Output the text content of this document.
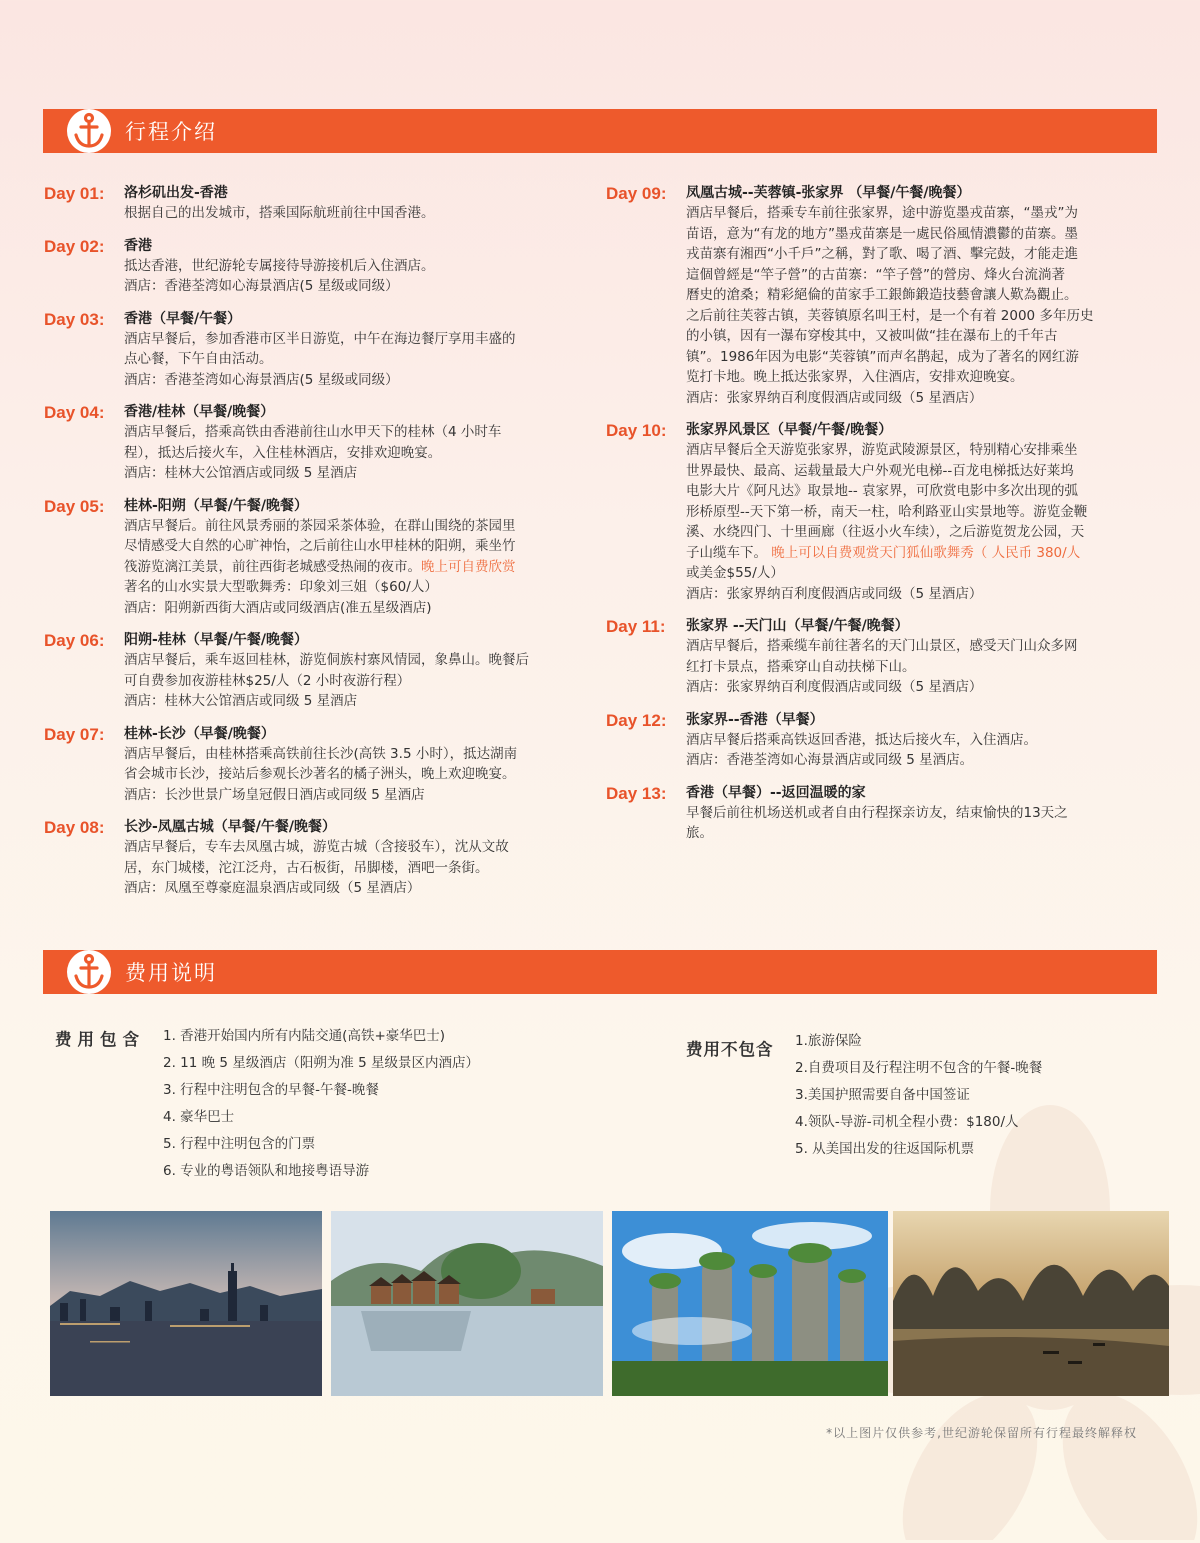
行程介绍
Day 01: 洛杉矶出发-香港
根据自己的出发城市，搭乘国际航班前往中国香港。
Day 02: 香港
抵达香港，世纪游轮专属接待导游接机后入住酒店。
酒店：香港荃湾如心海景酒店(5 星级或同级）
Day 03: 香港（早餐/午餐）
酒店早餐后，参加香港市区半日游览，中午在海边餐厅享用丰盛的
点心餐，下午自由活动。
酒店：香港荃湾如心海景酒店(5 星级或同级）
Day 04: 香港/桂林（早餐/晚餐）
酒店早餐后，搭乘高铁由香港前往山水甲天下的桂林（4 小时车
程），抵达后接火车，入住桂林酒店，安排欢迎晚宴。
酒店：桂林大公馆酒店或同级 5 星酒店
Day 05: 桂林-阳朔（早餐/午餐/晚餐）
酒店早餐后。前往风景秀丽的茶园采茶体验，在群山围绕的茶园里
尽情感受大自然的心旷神怡，之后前往山水甲桂林的阳朔，乘坐竹
筏游览漓江美景，前往西街老城感受热闹的夜市。晚上可自费欣赏
著名的山水实景大型歌舞秀：印象刘三姐（$60/人）
酒店：阳朔新西街大酒店或同级酒店(准五星级酒店)
Day 06: 阳朔-桂林（早餐/午餐/晚餐）
酒店早餐后，乘车返回桂林，游览侗族村寨风情园，象鼻山。晚餐后
可自费参加夜游桂林$25/人（2 小时夜游行程）
酒店：桂林大公馆酒店或同级 5 星酒店
Day 07: 桂林-长沙（早餐/晚餐）
酒店早餐后，由桂林搭乘高铁前往长沙(高铁 3.5 小时），抵达湖南
省会城市长沙，接站后参观长沙著名的橘子洲头，晚上欢迎晚宴。
酒店：长沙世景广场皇冠假日酒店或同级 5 星酒店
Day 08: 长沙-凤凰古城（早餐/午餐/晚餐）
酒店早餐后，专车去凤凰古城，游览古城（含接驳车），沈从文故
居，东门城楼，沱江泛舟，古石板街，吊脚楼，酒吧一条街。
酒店：凤凰至尊豪庭温泉酒店或同级（5 星酒店）
Day 09: 凤凰古城--芙蓉镇-张家界 （早餐/午餐/晚餐）
酒店早餐后，搭乘专车前往张家界，途中游览墨戎苗寨，“墨戎”为
苗语，意为“有龙的地方”墨戎苗寨是一處民俗風情濃鬱的苗寨。墨
戎苗寨有湘西“小千戶”之稱，對了歌、喝了酒、擊完鼓，才能走進
這個曾經是“竿子營”的古苗寨：“竿子營”的營房、烽火台流淌著
曆史的滄桑；精彩絕倫的苗家手工銀飾鍛造技藝會讓人歎為觀止。
之后前往芙蓉古镇，芙蓉镇原名叫王村，是一个有着 2000 多年历史
的小镇，因有一瀑布穿梭其中，又被叫做“挂在瀑布上的千年古
镇”。1986年因为电影“芙蓉镇”而声名鹊起，成为了著名的网红游
览打卡地。晚上抵达张家界，入住酒店，安排欢迎晚宴。
酒店：张家界纳百利度假酒店或同级（5 星酒店）
Day 10: 张家界风景区（早餐/午餐/晚餐）
酒店早餐后全天游览张家界，游览武陵源景区，特别精心安排乘坐
世界最快、最高、运载量最大户外观光电梯--百龙电梯抵达好莱坞
电影大片《阿凡达》取景地-- 袁家界，可欣赏电影中多次出现的弧
形桥原型--天下第一桥，南天一柱，哈利路亚山实景地等。游览金鞭
溪、水绕四门、十里画廊（往返小火车续），之后游览贺龙公园，天
子山缆车下。 晚上可以自费观赏天门狐仙歌舞秀（ 人民币 380/人
或美金$55/人）
酒店：张家界纳百利度假酒店或同级（5 星酒店）
Day 11: 张家界 --天门山（早餐/午餐/晚餐）
酒店早餐后，搭乘缆车前往著名的天门山景区，感受天门山众多网
红打卡景点，搭乘穿山自动扶梯下山。
酒店：张家界纳百利度假酒店或同级（5 星酒店）
Day 12: 张家界--香港（早餐）
酒店早餐后搭乘高铁返回香港，抵达后接火车，入住酒店。
酒店：香港荃湾如心海景酒店或同级 5 星酒店。
Day 13: 香港（早餐）--返回温暖的家
早餐后前往机场送机或者自由行程探亲访友，结束愉快的13天之
旅。
费用说明
费用包含 1. 香港开始国内所有内陆交通(高铁+豪华巴士)
2. 11 晚 5 星级酒店（阳朔为准 5 星级景区内酒店）
3. 行程中注明包含的早餐-午餐-晚餐
4. 豪华巴士
5. 行程中注明包含的门票
6. 专业的粤语领队和地接粤语导游
费用不包含 1.旅游保险
2.自费项目及行程注明不包含的午餐-晚餐
3.美国护照需要自备中国签证
4.领队-导游-司机全程小费：$180/人
5. 从美国出发的往返国际机票
*以上图片仅供参考,世纪游轮保留所有行程最终解释权
